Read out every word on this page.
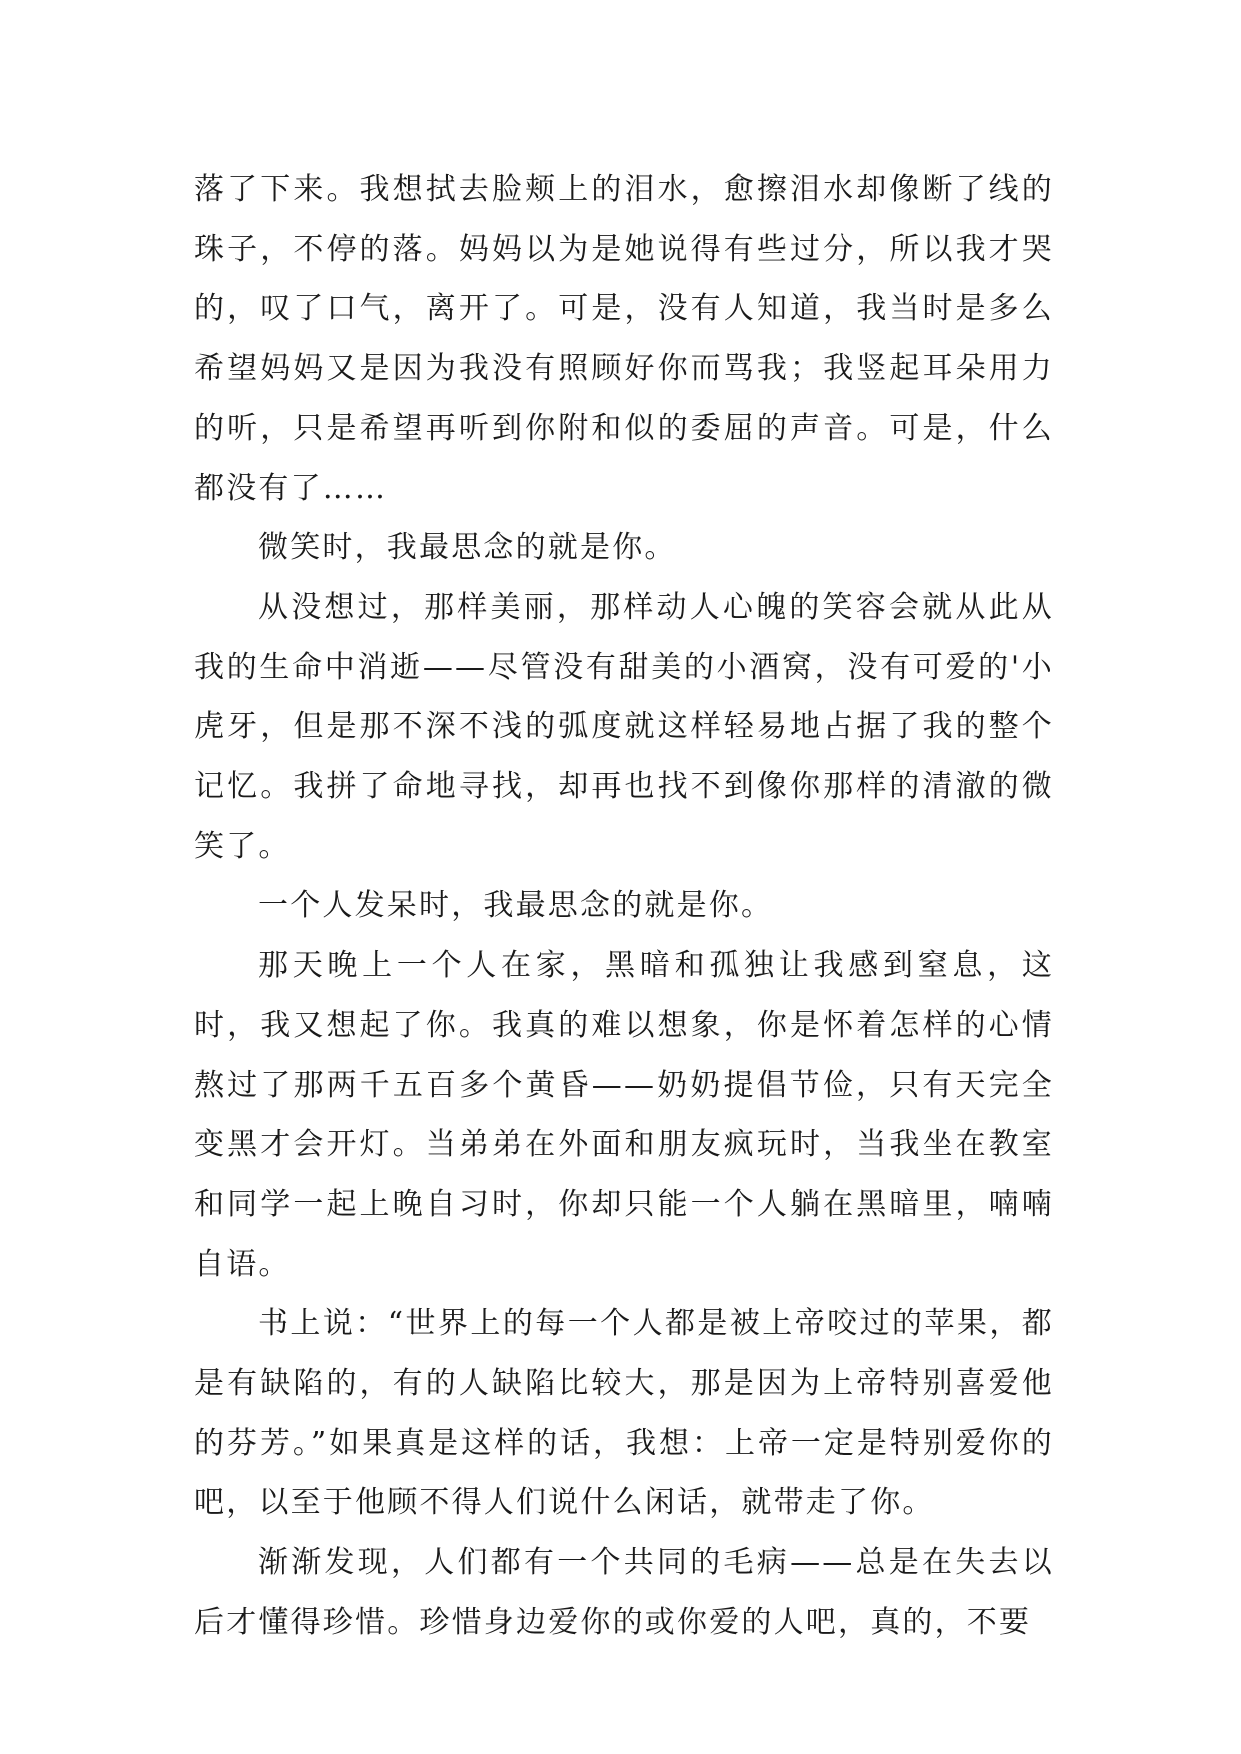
落了下来。我想拭去脸颊上的泪水，愈擦泪水却像断了线的珠子，不停的落。妈妈以为是她说得有些过分，所以我才哭的，叹了口气，离开了。可是，没有人知道，我当时是多么希望妈妈又是因为我没有照顾好你而骂我；我竖起耳朵用力的听，只是希望再听到你附和似的委屈的声音。可是，什么都没有了……

微笑时，我最思念的就是你。

从没想过，那样美丽，那样动人心魄的笑容会就从此从我的生命中消逝——尽管没有甜美的小酒窝，没有可爱的'小虎牙，但是那不深不浅的弧度就这样轻易地占据了我的整个记忆。我拼了命地寻找，却再也找不到像你那样的清澈的微笑了。

一个人发呆时，我最思念的就是你。

那天晚上一个人在家，黑暗和孤独让我感到窒息，这时，我又想起了你。我真的难以想象，你是怀着怎样的心情熬过了那两千五百多个黄昏——奶奶提倡节俭，只有天完全变黑才会开灯。当弟弟在外面和朋友疯玩时，当我坐在教室和同学一起上晚自习时，你却只能一个人躺在黑暗里，喃喃自语。

书上说：“世界上的每一个人都是被上帝咬过的苹果，都是有缺陷的，有的人缺陷比较大，那是因为上帝特别喜爱他的芬芳。”如果真是这样的话，我想：上帝一定是特别爱你的吧，以至于他顾不得人们说什么闲话，就带走了你。

渐渐发现，人们都有一个共同的毛病——总是在失去以后才懂得珍惜。珍惜身边爱你的或你爱的人吧，真的，不要
